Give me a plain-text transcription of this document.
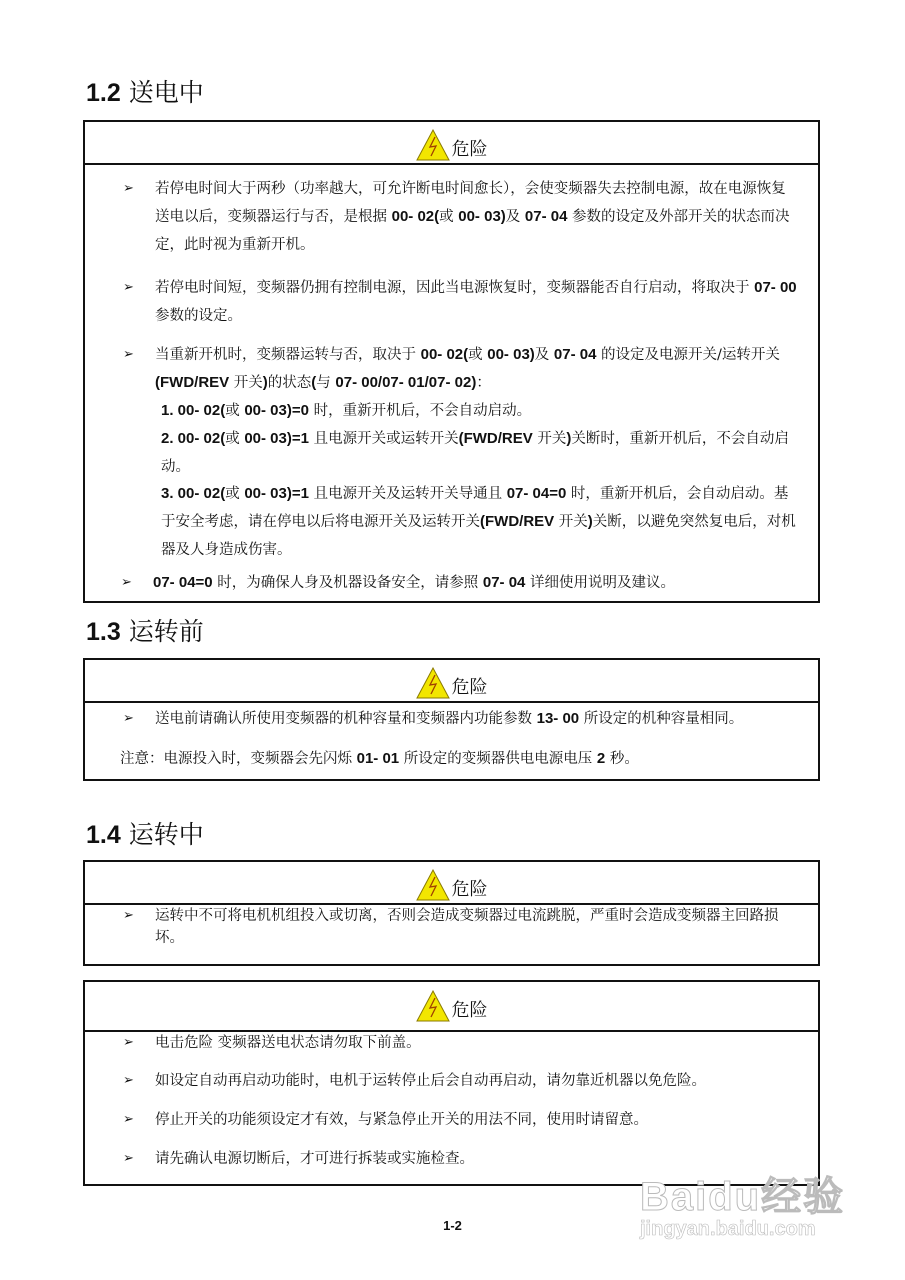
1.2 送电中
危险
➢ 若停电时间大于两秒（功率越大，可允许断电时间愈长），会使变频器失去控制电源，故在电源恢复送电以后，变频器运行与否，是根据 00- 02(或 00- 03)及 07- 04 参数的设定及外部开关的状态而决定，此时视为重新开机。
➢ 若停电时间短，变频器仍拥有控制电源，因此当电源恢复时，变频器能否自行启动，将取决于 07- 00 参数的设定。
➢ 当重新开机时，变频器运转与否，取决于 00- 02(或 00- 03)及 07- 04 的设定及电源开关/运转开关(FWD/REV 开关)的状态(与 07- 00/07- 01/07- 02)：
1. 00- 02(或 00- 03)=0 时，重新开机后，不会自动启动。
2. 00- 02(或 00- 03)=1 且电源开关或运转开关(FWD/REV 开关)关断时，重新开机后，不会自动启动。
3. 00- 02(或 00- 03)=1 且电源开关及运转开关导通且 07- 04=0 时，重新开机后，会自动启动。基于安全考虑，请在停电以后将电源开关及运转开关(FWD/REV 开关)关断，以避免突然复电后，对机器及人身造成伤害。
➢ 07- 04=0 时，为确保人身及机器设备安全，请参照 07- 04 详细使用说明及建议。
1.3 运转前
危险
➢ 送电前请确认所使用变频器的机种容量和变频器内功能参数 13- 00 所设定的机种容量相同。
注意：电源投入时，变频器会先闪烁 01- 01 所设定的变频器供电电源电压 2 秒。
1.4 运转中
危险
➢ 运转中不可将电机机组投入或切离，否则会造成变频器过电流跳脱，严重时会造成变频器主回路损坏。
危险
➢ 电击危险 变频器送电状态请勿取下前盖。
➢ 如设定自动再启动功能时，电机于运转停止后会自动再启动，请勿靠近机器以免危险。
➢ 停止开关的功能须设定才有效，与紧急停止开关的用法不同，使用时请留意。
➢ 请先确认电源切断后，才可进行拆装或实施检查。
1-2
Baidu经验
jingyan.baidu.com
